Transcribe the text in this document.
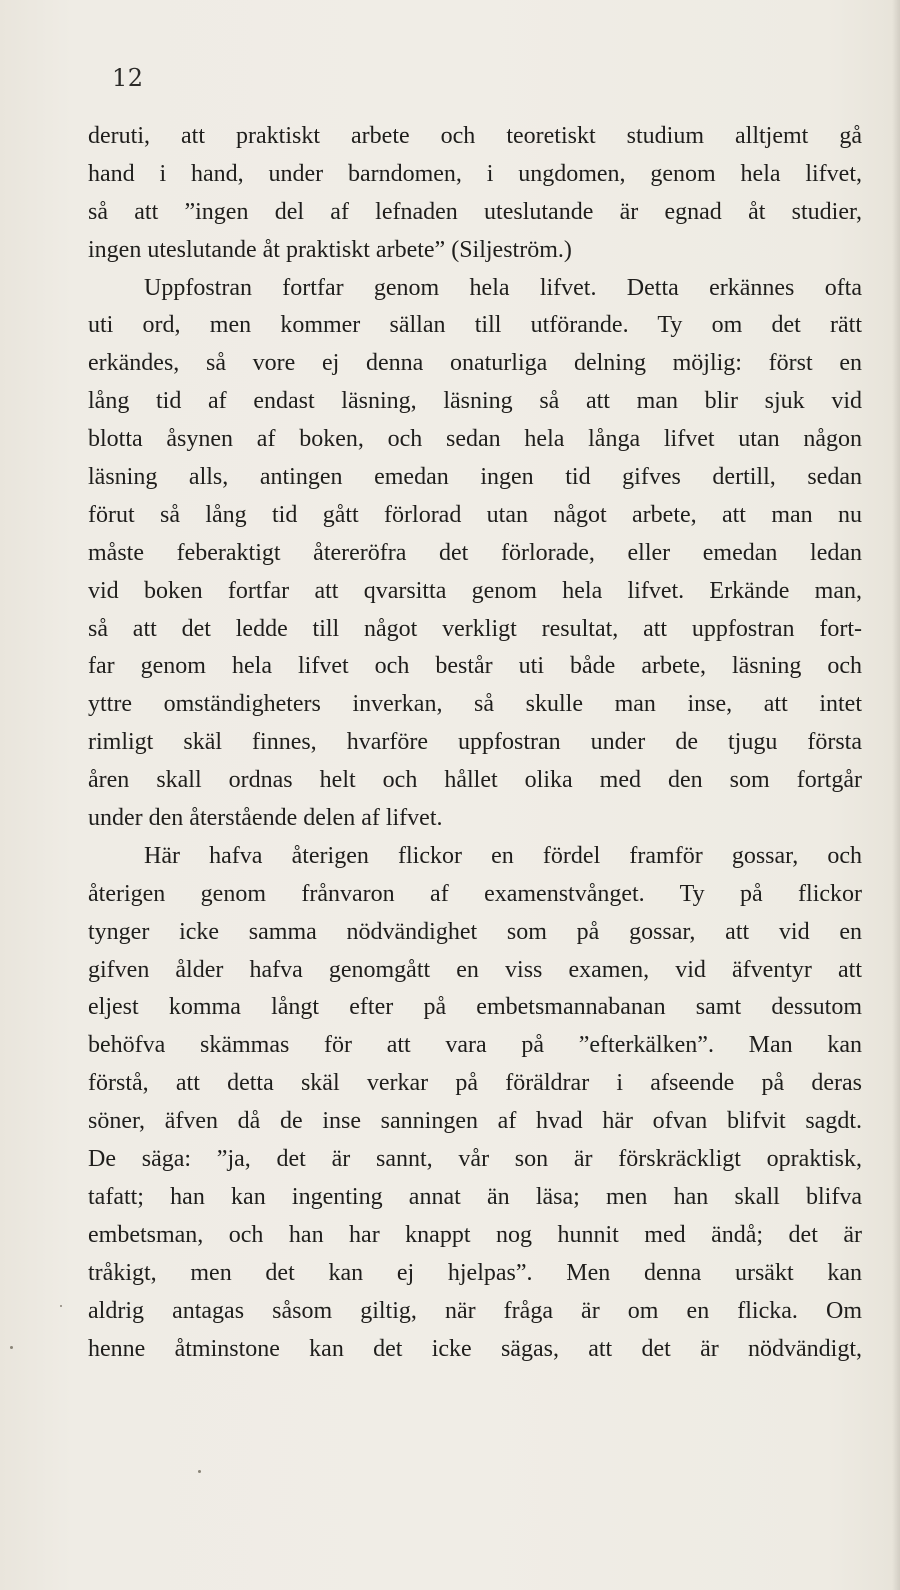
12
deruti, att praktiskt arbete och teoretiskt studium alltjemt gå
hand i hand, under barndomen, i ungdomen, genom hela lifvet,
så att ”ingen del af lefnaden uteslutande är egnad åt studier,
ingen uteslutande åt praktiskt arbete” (Siljeström.)
Uppfostran fortfar genom hela lifvet. Detta erkännes ofta
uti ord, men kommer sällan till utförande. Ty om det rätt
erkändes, så vore ej denna onaturliga delning möjlig: först en
lång tid af endast läsning, läsning så att man blir sjuk vid
blotta åsynen af boken, och sedan hela långa lifvet utan någon
läsning alls, antingen emedan ingen tid gifves dertill, sedan
förut så lång tid gått förlorad utan något arbete, att man nu
måste feberaktigt återeröfra det förlorade, eller emedan ledan
vid boken fortfar att qvarsitta genom hela lifvet. Erkände man,
så att det ledde till något verkligt resultat, att uppfostran fort-
far genom hela lifvet och består uti både arbete, läsning och
yttre omständigheters inverkan, så skulle man inse, att intet
rimligt skäl finnes, hvarföre uppfostran under de tjugu första
åren skall ordnas helt och hållet olika med den som fortgår
under den återstående delen af lifvet.
Här hafva återigen flickor en fördel framför gossar, och
återigen genom frånvaron af examenstvånget. Ty på flickor
tynger icke samma nödvändighet som på gossar, att vid en
gifven ålder hafva genomgått en viss examen, vid äfventyr att
eljest komma långt efter på embetsmannabanan samt dessutom
behöfva skämmas för att vara på ”efterkälken”. Man kan
förstå, att detta skäl verkar på föräldrar i afseende på deras
söner, äfven då de inse sanningen af hvad här ofvan blifvit sagdt.
De säga: ”ja, det är sannt, vår son är förskräckligt opraktisk,
tafatt; han kan ingenting annat än läsa; men han skall blifva
embetsman, och han har knappt nog hunnit med ändå; det är
tråkigt, men det kan ej hjelpas”. Men denna ursäkt kan
aldrig antagas såsom giltig, när fråga är om en flicka. Om
henne åtminstone kan det icke sägas, att det är nödvändigt,
